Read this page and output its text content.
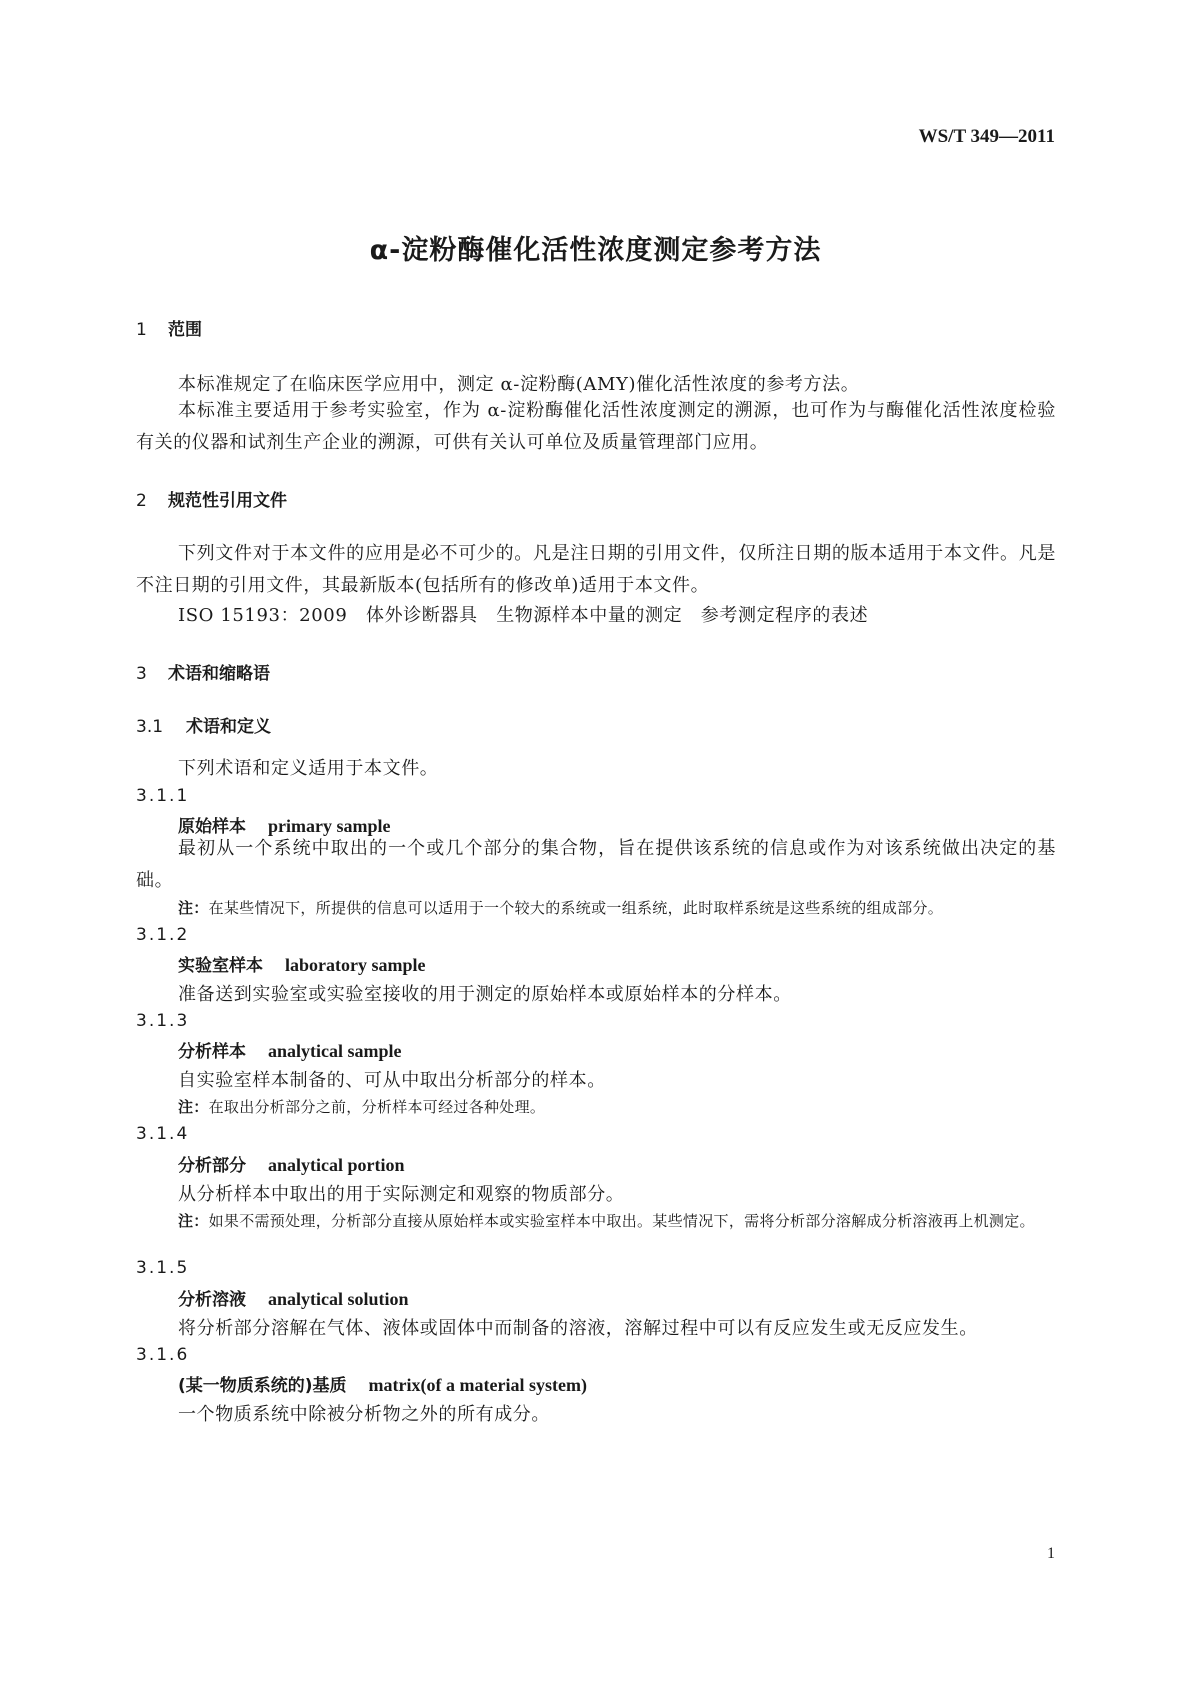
WS/T 349—2011
α-淀粉酶催化活性浓度测定参考方法
1 范围
本标准规定了在临床医学应用中，测定 α-淀粉酶(AMY)催化活性浓度的参考方法。
本标准主要适用于参考实验室，作为 α-淀粉酶催化活性浓度测定的溯源，也可作为与酶催化活性浓度检验有关的仪器和试剂生产企业的溯源，可供有关认可单位及质量管理部门应用。
2 规范性引用文件
下列文件对于本文件的应用是必不可少的。凡是注日期的引用文件，仅所注日期的版本适用于本文件。凡是不注日期的引用文件，其最新版本(包括所有的修改单)适用于本文件。
ISO 15193：2009　体外诊断器具　生物源样本中量的测定　参考测定程序的表述
3 术语和缩略语
3.1 术语和定义
下列术语和定义适用于本文件。
3.1.1
原始样本 primary sample
最初从一个系统中取出的一个或几个部分的集合物，旨在提供该系统的信息或作为对该系统做出决定的基础。
注：在某些情况下，所提供的信息可以适用于一个较大的系统或一组系统，此时取样系统是这些系统的组成部分。
3.1.2
实验室样本 laboratory sample
准备送到实验室或实验室接收的用于测定的原始样本或原始样本的分样本。
3.1.3
分析样本 analytical sample
自实验室样本制备的、可从中取出分析部分的样本。
注：在取出分析部分之前，分析样本可经过各种处理。
3.1.4
分析部分 analytical portion
从分析样本中取出的用于实际测定和观察的物质部分。
注：如果不需预处理，分析部分直接从原始样本或实验室样本中取出。某些情况下，需将分析部分溶解成分析溶液再上机测定。
3.1.5
分析溶液 analytical solution
将分析部分溶解在气体、液体或固体中而制备的溶液，溶解过程中可以有反应发生或无反应发生。
3.1.6
(某一物质系统的)基质 matrix(of a material system)
一个物质系统中除被分析物之外的所有成分。
1
